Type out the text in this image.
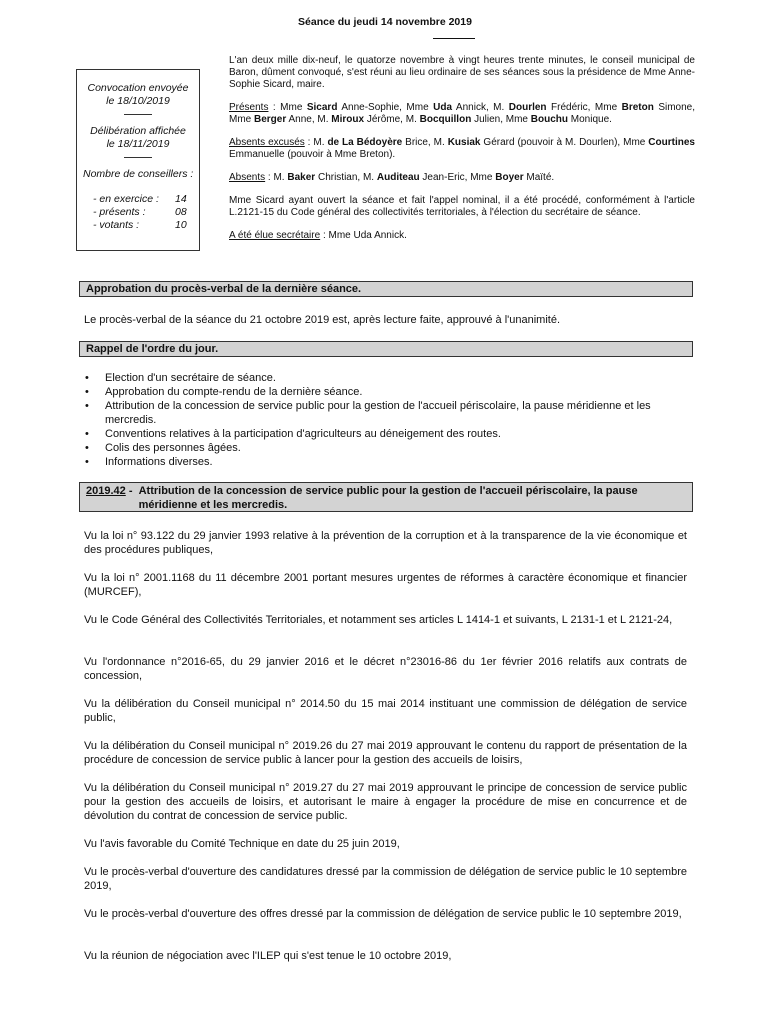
Séance du jeudi 14 novembre 2019
Convocation envoyée
le 18/10/2019
Délibération affichée
le 18/11/2019
Nombre de conseillers :
- en exercice :	14
- présents :	08
- votants :	10

L'an deux mille dix-neuf, le quatorze novembre à vingt heures trente minutes, le conseil municipal de Baron, dûment convoqué, s'est réuni au lieu ordinaire de ses séances sous la présidence de Mme Anne-Sophie Sicard, maire.

Présents : Mme Sicard Anne-Sophie, Mme Uda Annick, M. Dourlen Frédéric, Mme Breton Simone, Mme Berger Anne, M. Miroux Jérôme, M. Bocquillon Julien, Mme Bouchu Monique.

Absents excusés : M. de La Bédoyère Brice, M. Kusiak Gérard (pouvoir à M. Dourlen), Mme Courtines Emmanuelle (pouvoir à Mme Breton).

Absents : M. Baker Christian, M. Auditeau Jean-Eric, Mme Boyer Maïté.

Mme Sicard ayant ouvert la séance et fait l'appel nominal, il a été procédé, conformément à l'article L.2121-15 du Code général des collectivités territoriales, à l'élection du secrétaire de séance.

A été élue secrétaire : Mme Uda Annick.

Approbation du procès-verbal de la dernière séance.
Le procès-verbal de la séance du 21 octobre 2019 est, après lecture faite, approuvé à l'unanimité.
Rappel de l'ordre du jour.
• Election d'un secrétaire de séance.
• Approbation du compte-rendu de la dernière séance.
• Attribution de la concession de service public pour la gestion de l'accueil périscolaire, la pause méridienne et les mercredis.
• Conventions relatives à la participation d'agriculteurs au déneigement des routes.
• Colis des personnes âgées.
• Informations diverses.
2019.42 - Attribution de la concession de service public pour la gestion de l'accueil périscolaire, la pause méridienne et les mercredis.
Vu la loi n° 93.122 du 29 janvier 1993 relative à la prévention de la corruption et à la transparence de la vie économique et des procédures publiques,
Vu la loi n° 2001.1168 du 11 décembre 2001 portant mesures urgentes de réformes à caractère économique et financier (MURCEF),
Vu le Code Général des Collectivités Territoriales, et notamment ses articles L 1414-1 et suivants, L 2131-1 et L 2121-24,
Vu l'ordonnance n°2016-65, du 29 janvier 2016 et le décret n°23016-86 du 1er février 2016 relatifs aux contrats de concession,
Vu la délibération du Conseil municipal n° 2014.50 du 15 mai 2014 instituant une commission de délégation de service public,
Vu la délibération du Conseil municipal n° 2019.26 du 27 mai 2019 approuvant le contenu du rapport de présentation de la procédure de concession de service public à lancer pour la gestion des accueils de loisirs,
Vu la délibération du Conseil municipal n° 2019.27 du 27 mai 2019 approuvant le principe de concession de service public pour la gestion des accueils de loisirs, et autorisant le maire à engager la procédure de mise en concurrence et de dévolution du contrat de concession de service public.
Vu l'avis favorable du Comité Technique en date du 25 juin 2019,
Vu le procès-verbal d'ouverture des candidatures dressé par la commission de délégation de service public le 10 septembre 2019,
Vu le procès-verbal d'ouverture des offres dressé par la commission de délégation de service public le 10 septembre 2019,
Vu la réunion de négociation avec l'ILEP qui s'est tenue le 10 octobre 2019,
